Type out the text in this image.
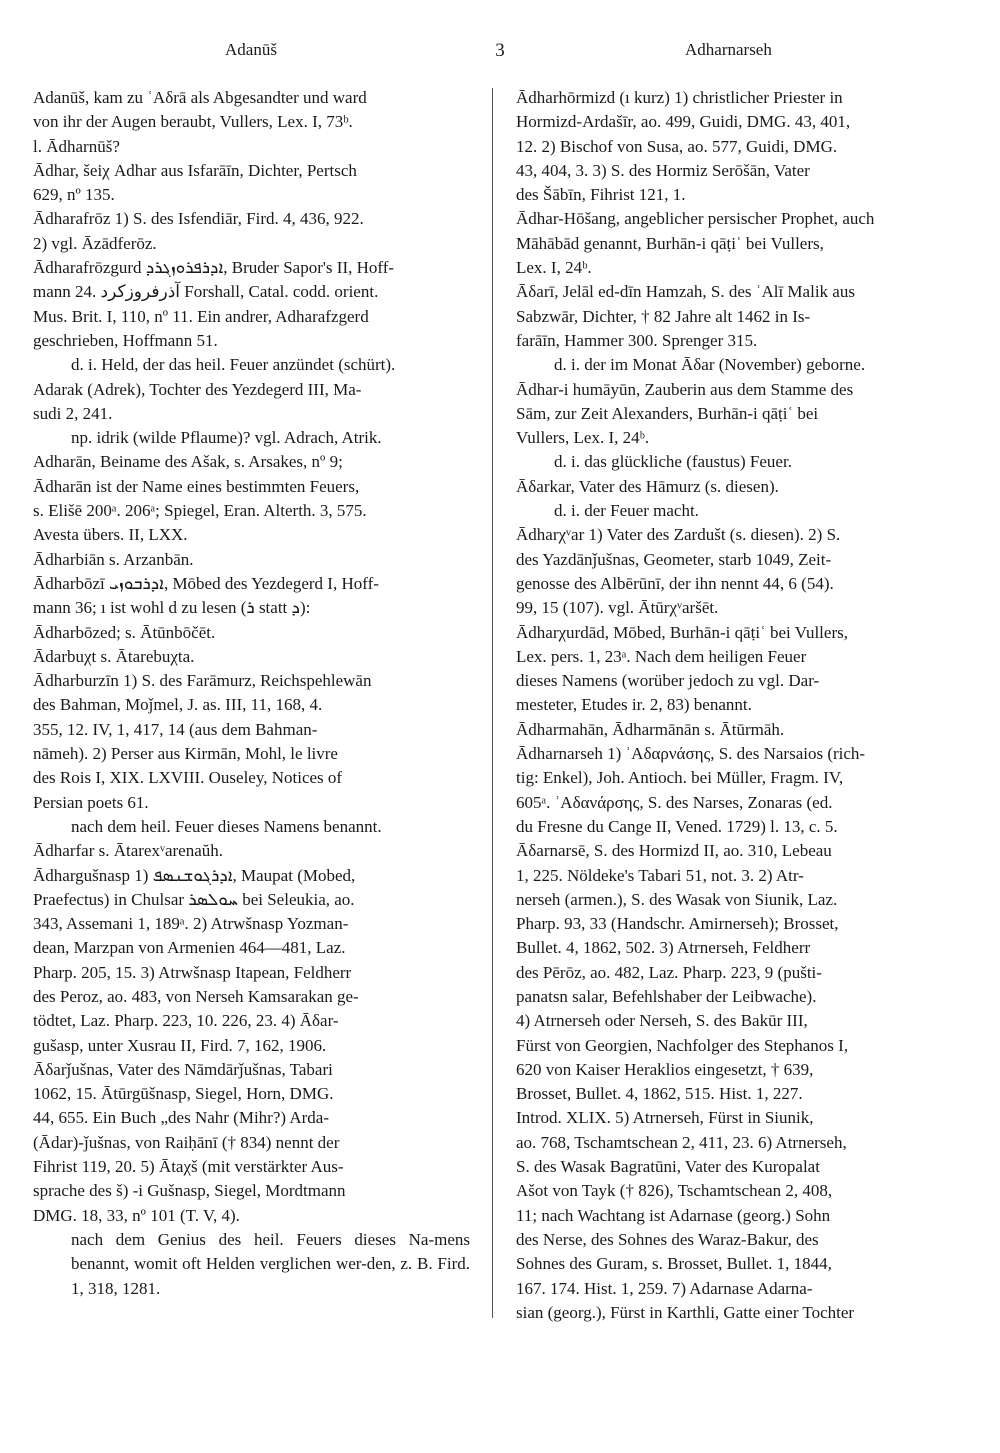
Adanūš	3	Adharnarseh
Adanūš, kam zu ʿAδrā als Abgesandter und ward
von ihr der Augen beraubt, Vullers, Lex. I, 73ᵇ.
l. Ādharnūš?
Ādhar, šeiχ Adhar aus Isfarāīn, Dichter, Pertsch
629, nº 135.
Ādharafrōz 1) S. des Isfendiār, Fird. 4, 436, 922.
2) vgl. Āzādferōz.
Ādharafrōzgurd ܐܕܪܦܪܘܙܓܪܕ, Bruder Sapor's II, Hoff-
mann 24. آذرفروزکرد Forshall, Catal. codd. orient.
Mus. Brit. I, 110, nº 11. Ein andrer, Adharafzgerd
geschrieben, Hoffmann 51.
d. i. Held, der das heil. Feuer anzündet (schürt).
Adarak (Adrek), Tochter des Yezdegerd III, Ma-
sudi 2, 241.
np. idrik (wilde Pflaume)? vgl. Adrach, Atrik.
Adharān, Beiname des Ašak, s. Arsakes, nº 9;
Ādharān ist der Name eines bestimmten Feuers,
s. Elišē 200ᵃ. 206ᵃ; Spiegel, Eran. Alterth. 3, 575.
Avesta übers. II, LXX.
Ādharbiān s. Arzanbān.
Ādharbōzī ܐܕܪܒܘܙܝ, Mōbed des Yezdegerd I, Hoff-
mann 36; ı ist wohl d zu lesen (ܪ statt ܕ):
Ādharbōzed; s. Ātūnbōčēt.
Ādarbuχt s. Ātarebuχta.
Ādharburzīn 1) S. des Farāmurz, Reichspehlewān
des Bahman, Moǰmel, J. as. III, 11, 168, 4.
355, 12. IV, 1, 417, 14 (aus dem Bahman-
nāmeh). 2) Perser aus Kirmān, Mohl, le livre
des Rois I, XIX. LXVIII. Ouseley, Notices of
Persian poets 61.
nach dem heil. Feuer dieses Namens benannt.
Ādharfar s. Ātarexᵛarenaŭh.
Ādhargušnasp 1) ܐܕܪܓܘܫܢܣܦ, Maupat (Mobed,
Praefectus) in Chulsar ܚܘܠܣܪ bei Seleukia, ao.
343, Assemani 1, 189ᵃ. 2) Atrwšnasp Yozman-
dean, Marzpan von Armenien 464—481, Laz.
Pharp. 205, 15. 3) Atrwšnasp Itapean, Feldherr
des Peroz, ao. 483, von Nerseh Kamsarakan ge-
tödtet, Laz. Pharp. 223, 10. 226, 23. 4) Āδar-
gušasp, unter Xusrau II, Fird. 7, 162, 1906.
Āδarǰušnas, Vater des Nāmdārǰušnas, Tabari
1062, 15. Ātūrgūšnasp, Siegel, Horn, DMG.
44, 655. Ein Buch „des Nahr (Mihr?) Arda-
(Ādar)-ǰušnas, von Raiḥānī († 834) nennt der
Fihrist 119, 20. 5) Ātaχš (mit verstärkter Aus-
sprache des š) -i Gušnasp, Siegel, Mordtmann
DMG. 18, 33, nº 101 (T. V, 4).
nach dem Genius des heil. Feuers dieses Na-mens benannt, womit oft Helden verglichen wer-den, z. B. Fird. 1, 318, 1281.
Ādharhōrmizd (ı kurz) 1) christlicher Priester in
Hormizd-Ardašīr, ao. 499, Guidi, DMG. 43, 401,
12. 2) Bischof von Susa, ao. 577, Guidi, DMG.
43, 404, 3. 3) S. des Hormiz Serōšān, Vater
des Šābīn, Fihrist 121, 1.
Ādhar-Hōšang, angeblicher persischer Prophet, auch
Māhābād genannt, Burhān-i qāṭiʿ bei Vullers,
Lex. I, 24ᵇ.
Āδarī, Jelāl ed-dīn Hamzah, S. des ʿAlī Malik aus
Sabzwār, Dichter, † 82 Jahre alt 1462 in Is-
farāīn, Hammer 300. Sprenger 315.
d. i. der im Monat Āδar (November) geborne.
Ādhar-i humāyūn, Zauberin aus dem Stamme des
Sām, zur Zeit Alexanders, Burhān-i qāṭiʿ bei
Vullers, Lex. I, 24ᵇ.
d. i. das glückliche (faustus) Feuer.
Āδarkar, Vater des Hāmurz (s. diesen).
d. i. der Feuer macht.
Ādharχᵛar 1) Vater des Zardušt (s. diesen). 2) S.
des Yazdānǰušnas, Geometer, starb 1049, Zeit-
genosse des Albērūnī, der ihn nennt 44, 6 (54).
99, 15 (107). vgl. Ātūrχᵛaršēt.
Ādharχurdād, Mōbed, Burhān-i qāṭiʿ bei Vullers,
Lex. pers. 1, 23ᵃ. Nach dem heiligen Feuer
dieses Namens (worüber jedoch zu vgl. Dar-
mesteter, Etudes ir. 2, 83) benannt.
Ādharmahān, Ādharmānān s. Ātūrmāh.
Ādharnarseh 1) ʾΑδαρνάσης, S. des Narsaios (rich-
tig: Enkel), Joh. Antioch. bei Müller, Fragm. IV,
605ᵃ. ʾΑδανάρσης, S. des Narses, Zonaras (ed.
du Fresne du Cange II, Vened. 1729) l. 13, c. 5.
Āδarnarsē, S. des Hormizd II, ao. 310, Lebeau
1, 225. Nöldeke's Tabari 51, not. 3. 2) Atr-
nerseh (armen.), S. des Wasak von Siunik, Laz.
Pharp. 93, 33 (Handschr. Amirnerseh); Brosset,
Bullet. 4, 1862, 502. 3) Atrnerseh, Feldherr
des Pērōz, ao. 482, Laz. Pharp. 223, 9 (pušti-
panatsn salar, Befehlshaber der Leibwache).
4) Atrnerseh oder Nerseh, S. des Bakūr III,
Fürst von Georgien, Nachfolger des Stephanos I,
620 von Kaiser Heraklios eingesetzt, † 639,
Brosset, Bullet. 4, 1862, 515. Hist. 1, 227.
Introd. XLIX. 5) Atrnerseh, Fürst in Siunik,
ao. 768, Tschamtschean 2, 411, 23. 6) Atrnerseh,
S. des Wasak Bagratūni, Vater des Kuropalat
Ašot von Tayk († 826), Tschamtschean 2, 408,
11; nach Wachtang ist Adarnase (georg.) Sohn
des Nerse, des Sohnes des Waraz-Bakur, des
Sohnes des Guram, s. Brosset, Bullet. 1, 1844,
167. 174. Hist. 1, 259. 7) Adarnase Adarna-
sian (georg.), Fürst in Karthli, Gatte einer Tochter
